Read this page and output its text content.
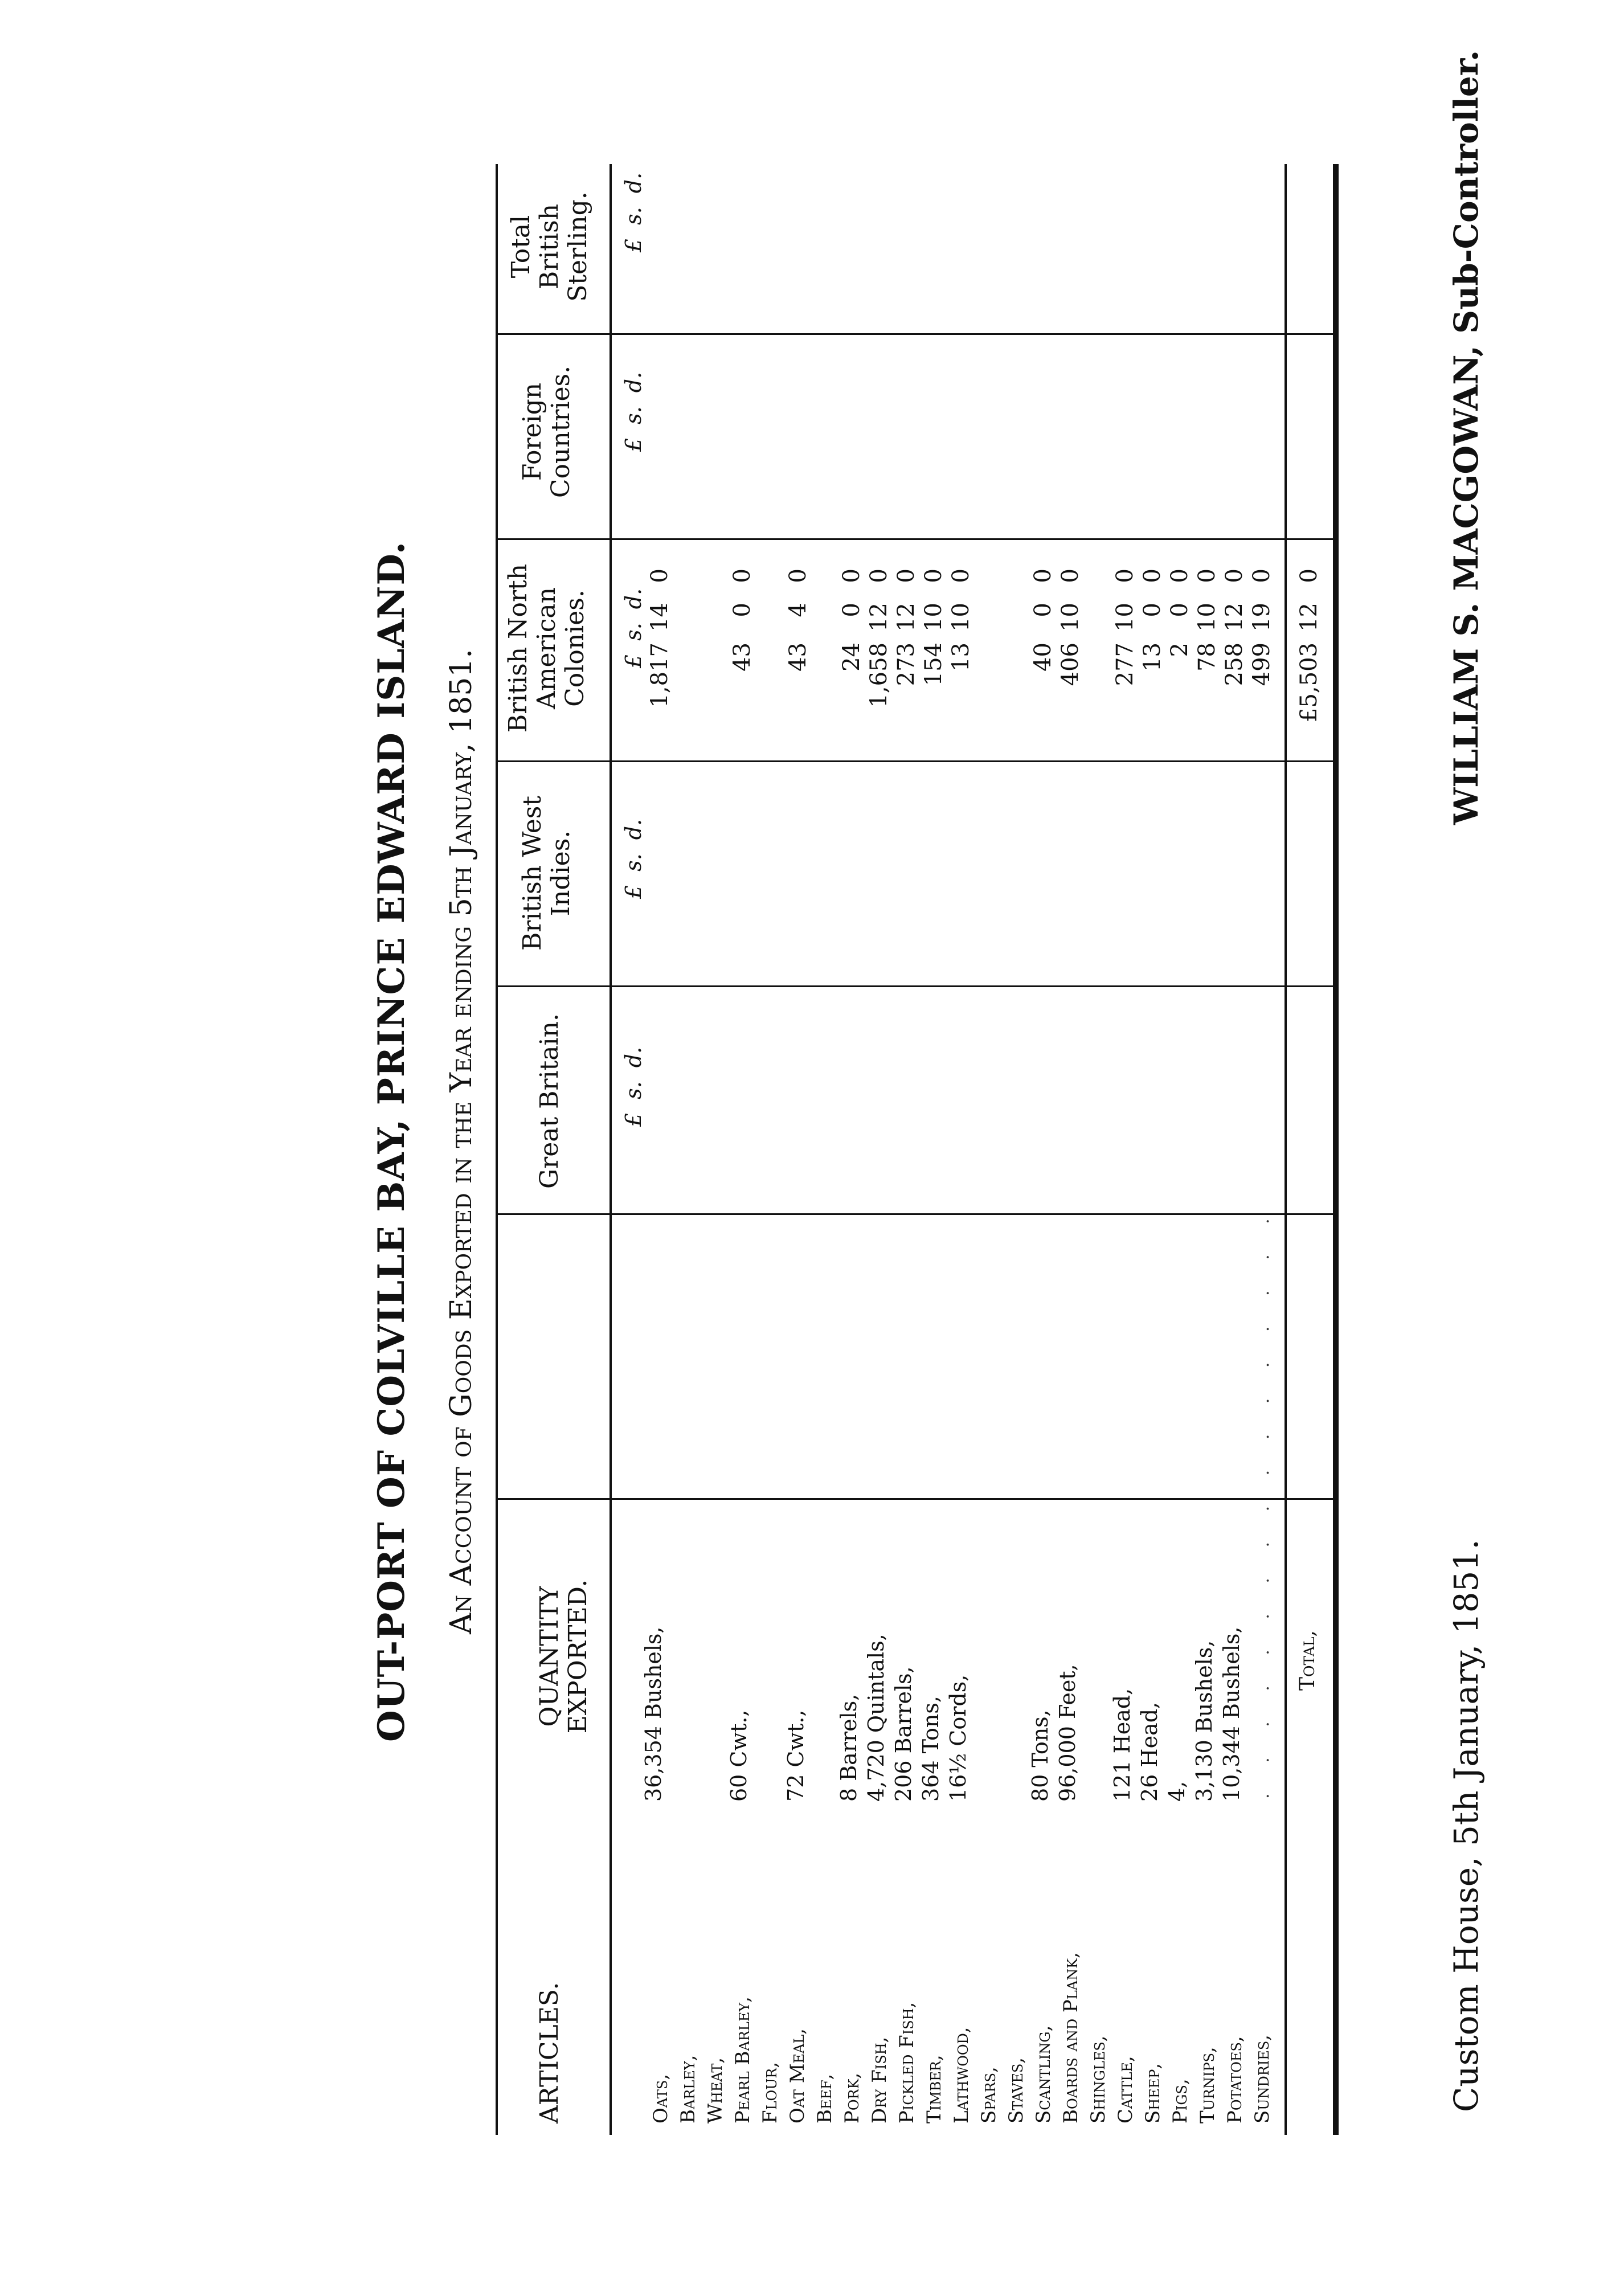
OUT-PORT OF COLVILLE BAY, PRINCE EDWARD ISLAND. An Account of Goods Exported in the Year ending 5th January, 1851.
ARTICLES.
QUANTITY EXPORTED.
Great Britain.
British West Indies.
British North American Colonies.
Foreign Countries.
Total British Sterling.
£
s.
d.
£
s.
d.
£
s.
d.
£
s.
d.
£
s.
d.
Oats,
36,354 Bushels,
1,817
14
0
Barley, Wheat, Pearl Barley,
60 Cwt.,
43
0
0
Flour, Oat Meal,
72 Cwt.,
43
4
0
Beef, Pork,
8 Barrels,
24
0
0
Dry Fish,
4,720 Quintals,
1,658
12
0
Pickled Fish,
206 Barrels,
273
12
0
Timber,
364 Tons,
154
10
0
Lathwood,
16½ Cords,
13
10
0
Spars, Staves, Scantling,
80 Tons,
40
0
0
Boards and Plank,
96,000 Feet,
406
10
0
Shingles, Cattle,
121 Head,
277
10
0
Sheep,
26 Head,
13
0
0
Pigs,
4,
2
0
0
Turnips,
3,130 Bushels,
78
10
0
Potatoes,
10,344 Bushels,
258
12
0
Sundries,
499
19
0
. . . . . . . . . . . . . . . . . Total,
£5,503
12
0
Custom House, 5th January, 1851.
WILLIAM S. MACGOWAN, Sub-Controller.
